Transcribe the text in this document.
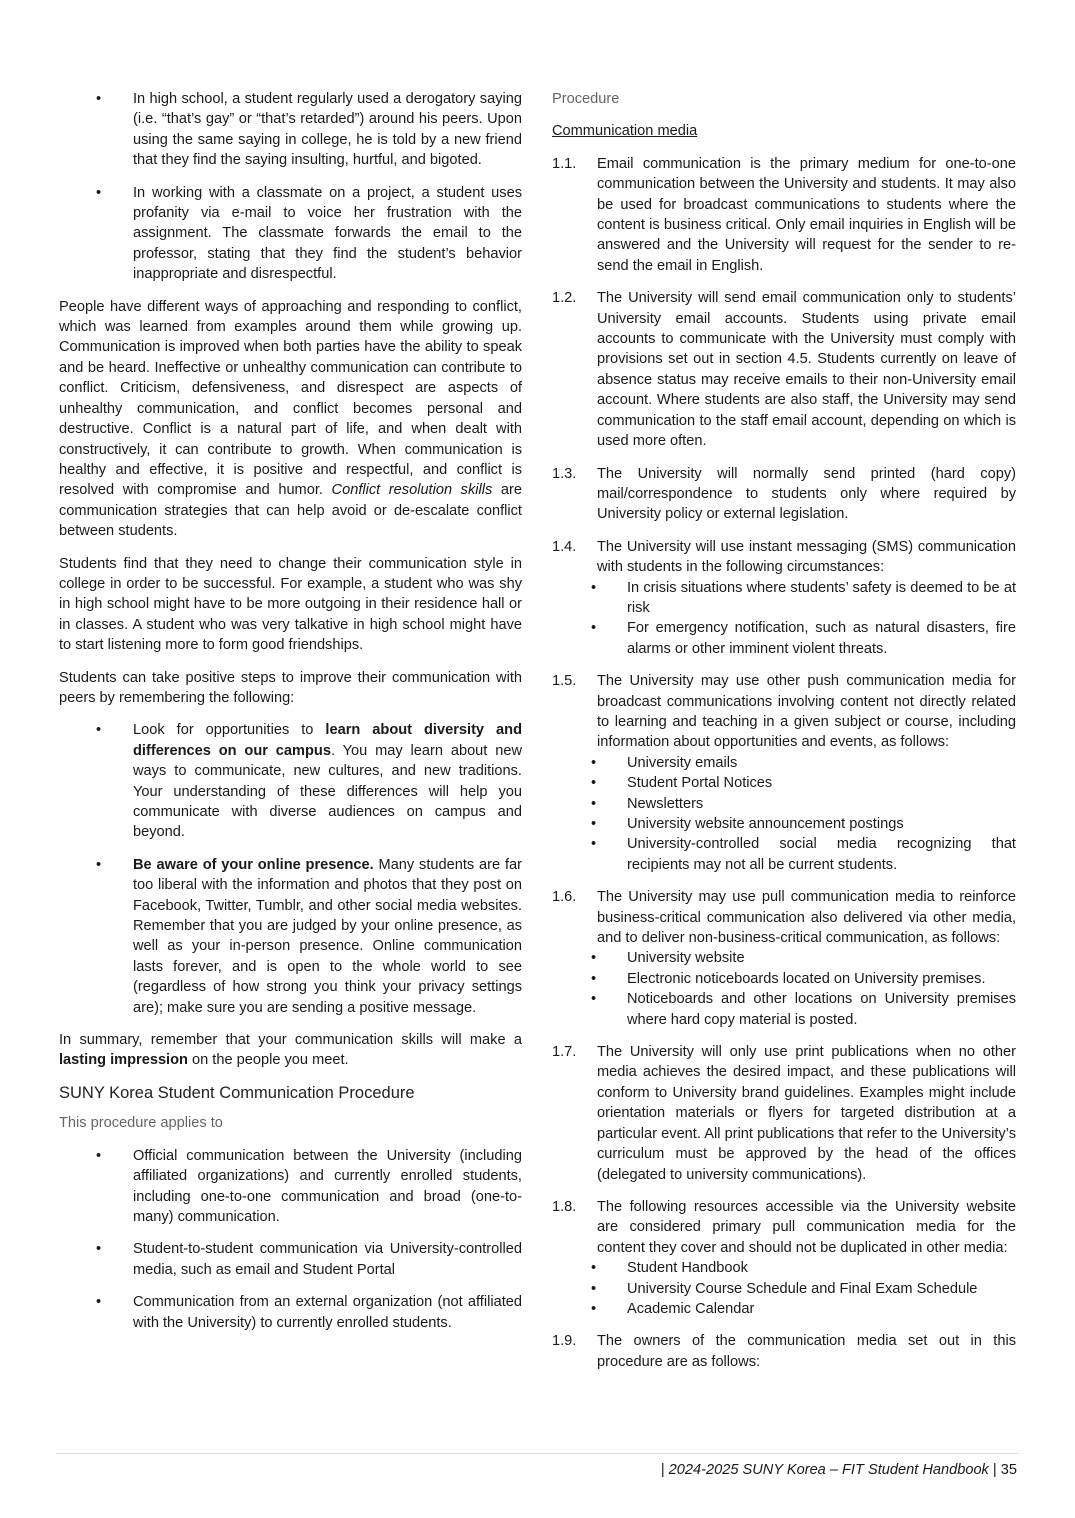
• In high school, a student regularly used a derogatory saying (i.e. “that’s gay” or “that’s retarded”) around his peers. Upon using the same saying in college, he is told by a new friend that they find the saying insulting, hurtful, and bigoted.
• In working with a classmate on a project, a student uses profanity via e-mail to voice her frustration with the assignment. The classmate forwards the email to the professor, stating that they find the student’s behavior inappropriate and disrespectful.

People have different ways of approaching and responding to conflict, which was learned from examples around them while growing up. Communication is improved when both parties have the ability to speak and be heard. Ineffective or unhealthy communication can contribute to conflict. Criticism, defensiveness, and disrespect are aspects of unhealthy communication, and conflict becomes personal and destructive. Conflict is a natural part of life, and when dealt with constructively, it can contribute to growth. When communication is healthy and effective, it is positive and respectful, and conflict is resolved with compromise and humor. Conflict resolution skills are communication strategies that can help avoid or de-escalate conflict between students.

Students find that they need to change their communication style in college in order to be successful. For example, a student who was shy in high school might have to be more outgoing in their residence hall or in classes. A student who was very talkative in high school might have to start listening more to form good friendships.

Students can take positive steps to improve their communication with peers by remembering the following:

• Look for opportunities to learn about diversity and differences on our campus. You may learn about new ways to communicate, new cultures, and new traditions. Your understanding of these differences will help you communicate with diverse audiences on campus and beyond.
• Be aware of your online presence. Many students are far too liberal with the information and photos that they post on Facebook, Twitter, Tumblr, and other social media websites. Remember that you are judged by your online presence, as well as your in-person presence. Online communication lasts forever, and is open to the whole world to see (regardless of how strong you think your privacy settings are); make sure you are sending a positive message.

In summary, remember that your communication skills will make a lasting impression on the people you meet.

SUNY Korea Student Communication Procedure
This procedure applies to
• Official communication between the University (including affiliated organizations) and currently enrolled students, including one-to-one communication and broad (one-to-many) communication.
• Student-to-student communication via University-controlled media, such as email and Student Portal
• Communication from an external organization (not affiliated with the University) to currently enrolled students.
Procedure
Communication media
1.1. Email communication is the primary medium for one-to-one communication between the University and students. It may also be used for broadcast communications to students where the content is business critical. Only email inquiries in English will be answered and the University will request for the sender to re-send the email in English.
1.2. The University will send email communication only to students’ University email accounts. Students using private email accounts to communicate with the University must comply with provisions set out in section 4.5. Students currently on leave of absence status may receive emails to their non-University email account. Where students are also staff, the University may send communication to the staff email account, depending on which is used more often.
1.3. The University will normally send printed (hard copy) mail/correspondence to students only where required by University policy or external legislation.
1.4. The University will use instant messaging (SMS) communication with students in the following circumstances:
• In crisis situations where students’ safety is deemed to be at risk
• For emergency notification, such as natural disasters, fire alarms or other imminent violent threats.
1.5. The University may use other push communication media for broadcast communications involving content not directly related to learning and teaching in a given subject or course, including information about opportunities and events, as follows:
• University emails
• Student Portal Notices
• Newsletters
• University website announcement postings
• University-controlled social media recognizing that recipients may not all be current students.
1.6. The University may use pull communication media to reinforce business-critical communication also delivered via other media, and to deliver non-business-critical communication, as follows:
• University website
• Electronic noticeboards located on University premises.
• Noticeboards and other locations on University premises where hard copy material is posted.
1.7. The University will only use print publications when no other media achieves the desired impact, and these publications will conform to University brand guidelines. Examples might include orientation materials or flyers for targeted distribution at a particular event. All print publications that refer to the University’s curriculum must be approved by the head of the offices (delegated to university communications).
1.8. The following resources accessible via the University website are considered primary pull communication media for the content they cover and should not be duplicated in other media:
• Student Handbook
• University Course Schedule and Final Exam Schedule
• Academic Calendar
1.9. The owners of the communication media set out in this procedure are as follows:
| 2024-2025 SUNY Korea – FIT Student Handbook | 35
